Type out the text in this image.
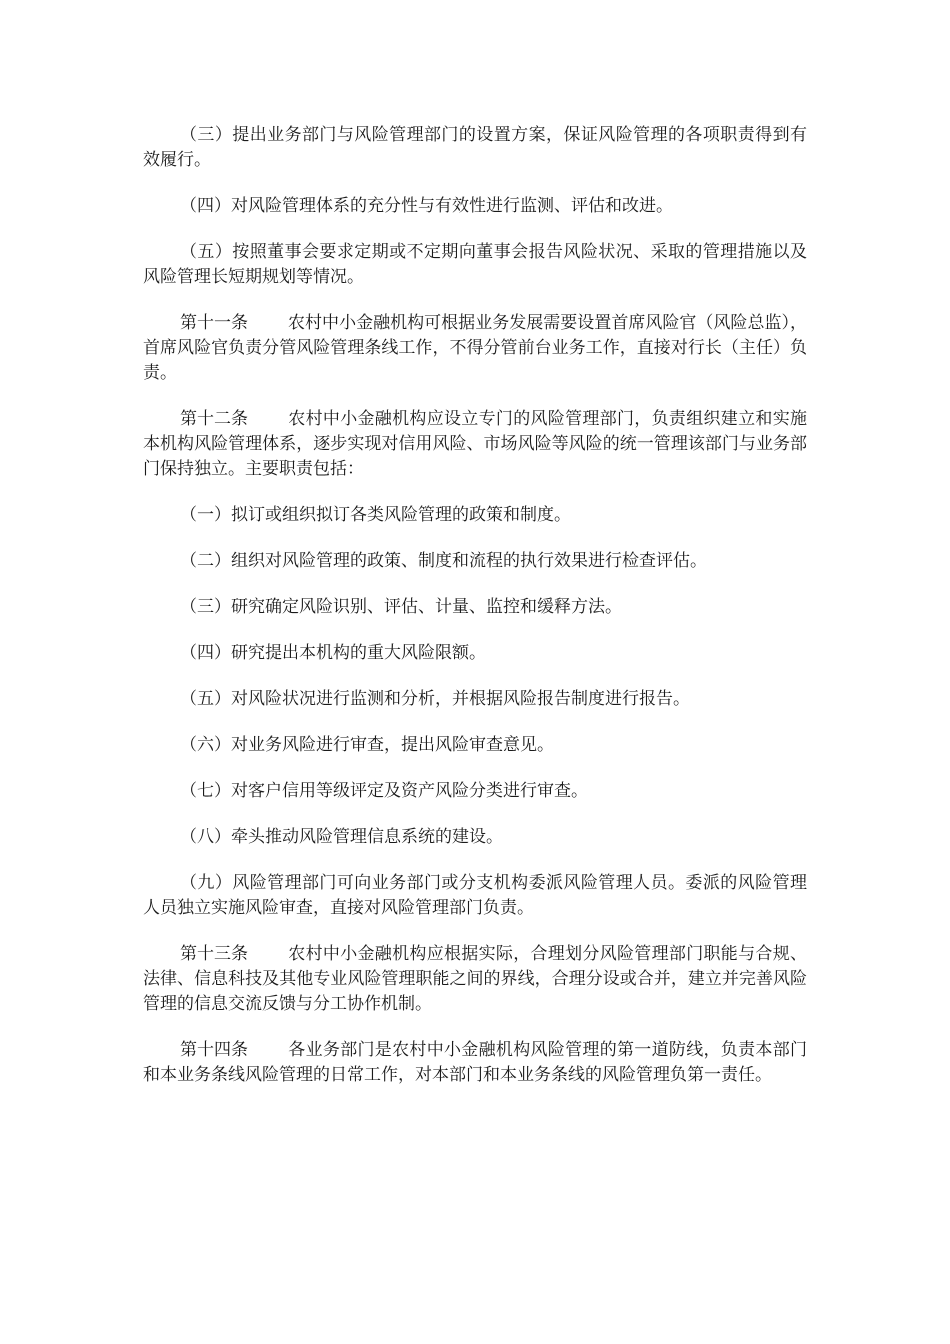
（三）提出业务部门与风险管理部门的设置方案，保证风险管理的各项职责得到有效履行。

（四）对风险管理体系的充分性与有效性进行监测、评估和改进。

（五）按照董事会要求定期或不定期向董事会报告风险状况、采取的管理措施以及风险管理长短期规划等情况。

第十一条 农村中小金融机构可根据业务发展需要设置首席风险官（风险总监），首席风险官负责分管风险管理条线工作，不得分管前台业务工作，直接对行长（主任）负责。

第十二条 农村中小金融机构应设立专门的风险管理部门，负责组织建立和实施本机构风险管理体系，逐步实现对信用风险、市场风险等风险的统一管理该部门与业务部门保持独立。主要职责包括：

（一）拟订或组织拟订各类风险管理的政策和制度。

（二）组织对风险管理的政策、制度和流程的执行效果进行检查评估。

（三）研究确定风险识别、评估、计量、监控和缓释方法。

（四）研究提出本机构的重大风险限额。

（五）对风险状况进行监测和分析，并根据风险报告制度进行报告。

（六）对业务风险进行审查，提出风险审查意见。

（七）对客户信用等级评定及资产风险分类进行审查。

（八）牵头推动风险管理信息系统的建设。

（九）风险管理部门可向业务部门或分支机构委派风险管理人员。委派的风险管理人员独立实施风险审查，直接对风险管理部门负责。

第十三条 农村中小金融机构应根据实际，合理划分风险管理部门职能与合规、法律、信息科技及其他专业风险管理职能之间的界线，合理分设或合并，建立并完善风险管理的信息交流反馈与分工协作机制。

第十四条 各业务部门是农村中小金融机构风险管理的第一道防线，负责本部门和本业务条线风险管理的日常工作，对本部门和本业务条线的风险管理负第一责任。
